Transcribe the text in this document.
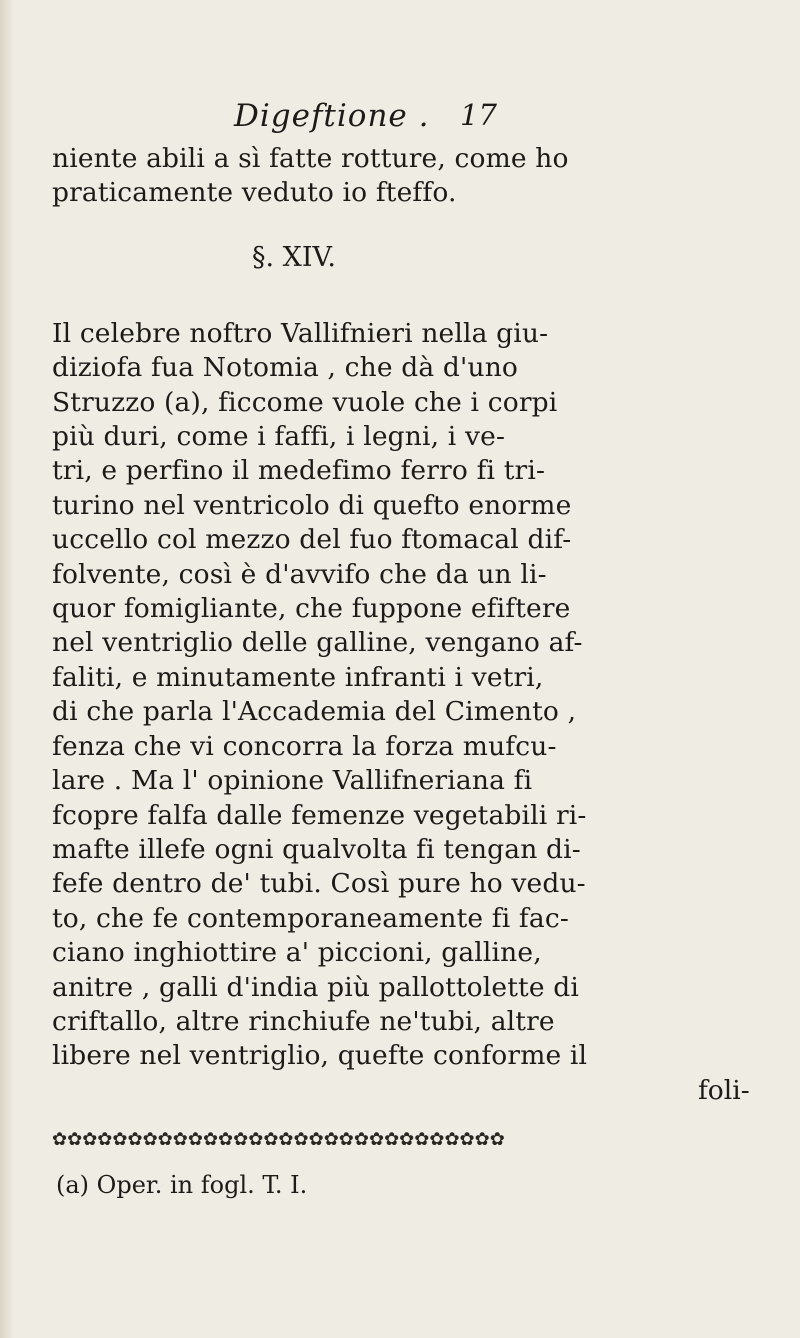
Digeftione . 17
niente abili a sì fatte rotture, come ho
praticamente veduto io fteffo.
§. XIV.
Il celebre noftro Vallifnieri nella giu-
diziofa fua Notomia , che dà d'uno
Struzzo (a), ficcome vuole che i corpi
più duri, come i faffi, i legni, i ve-
tri, e perfino il medefimo ferro fi tri-
turino nel ventricolo di quefto enorme
uccello col mezzo del fuo ftomacal dif-
folvente, così è d'avvifo che da un li-
quor fomigliante, che fuppone efiftere
nel ventriglio delle galline, vengano af-
faliti, e minutamente infranti i vetri,
di che parla l'Accademia del Cimento ,
fenza che vi concorra la forza mufcu-
lare . Ma l' opinione Vallifneriana fi
fcopre falfa dalle femenze vegetabili ri-
mafte illefe ogni qualvolta fi tengan di-
fefe dentro de' tubi. Così pure ho vedu-
to, che fe contemporaneamente fi fac-
ciano inghiottire a' piccioni, galline,
anitre , galli d'india più pallottolette di
criftallo, altre rinchiufe ne'tubi, altre
libere nel ventriglio, quefte conforme il
foli-
✿ ✿ ✿ ✿ ✿ ✿ ✿ ✿ ✿ ✿ ✿ ✿ ✿ ✿ ✿ ✿ ✿ ✿ ✿ ✿ ✿ ✿ ✿ ✿ ✿ ✿ ✿ ✿ ✿ ✿
(a) Oper. in fogl. T. I.
